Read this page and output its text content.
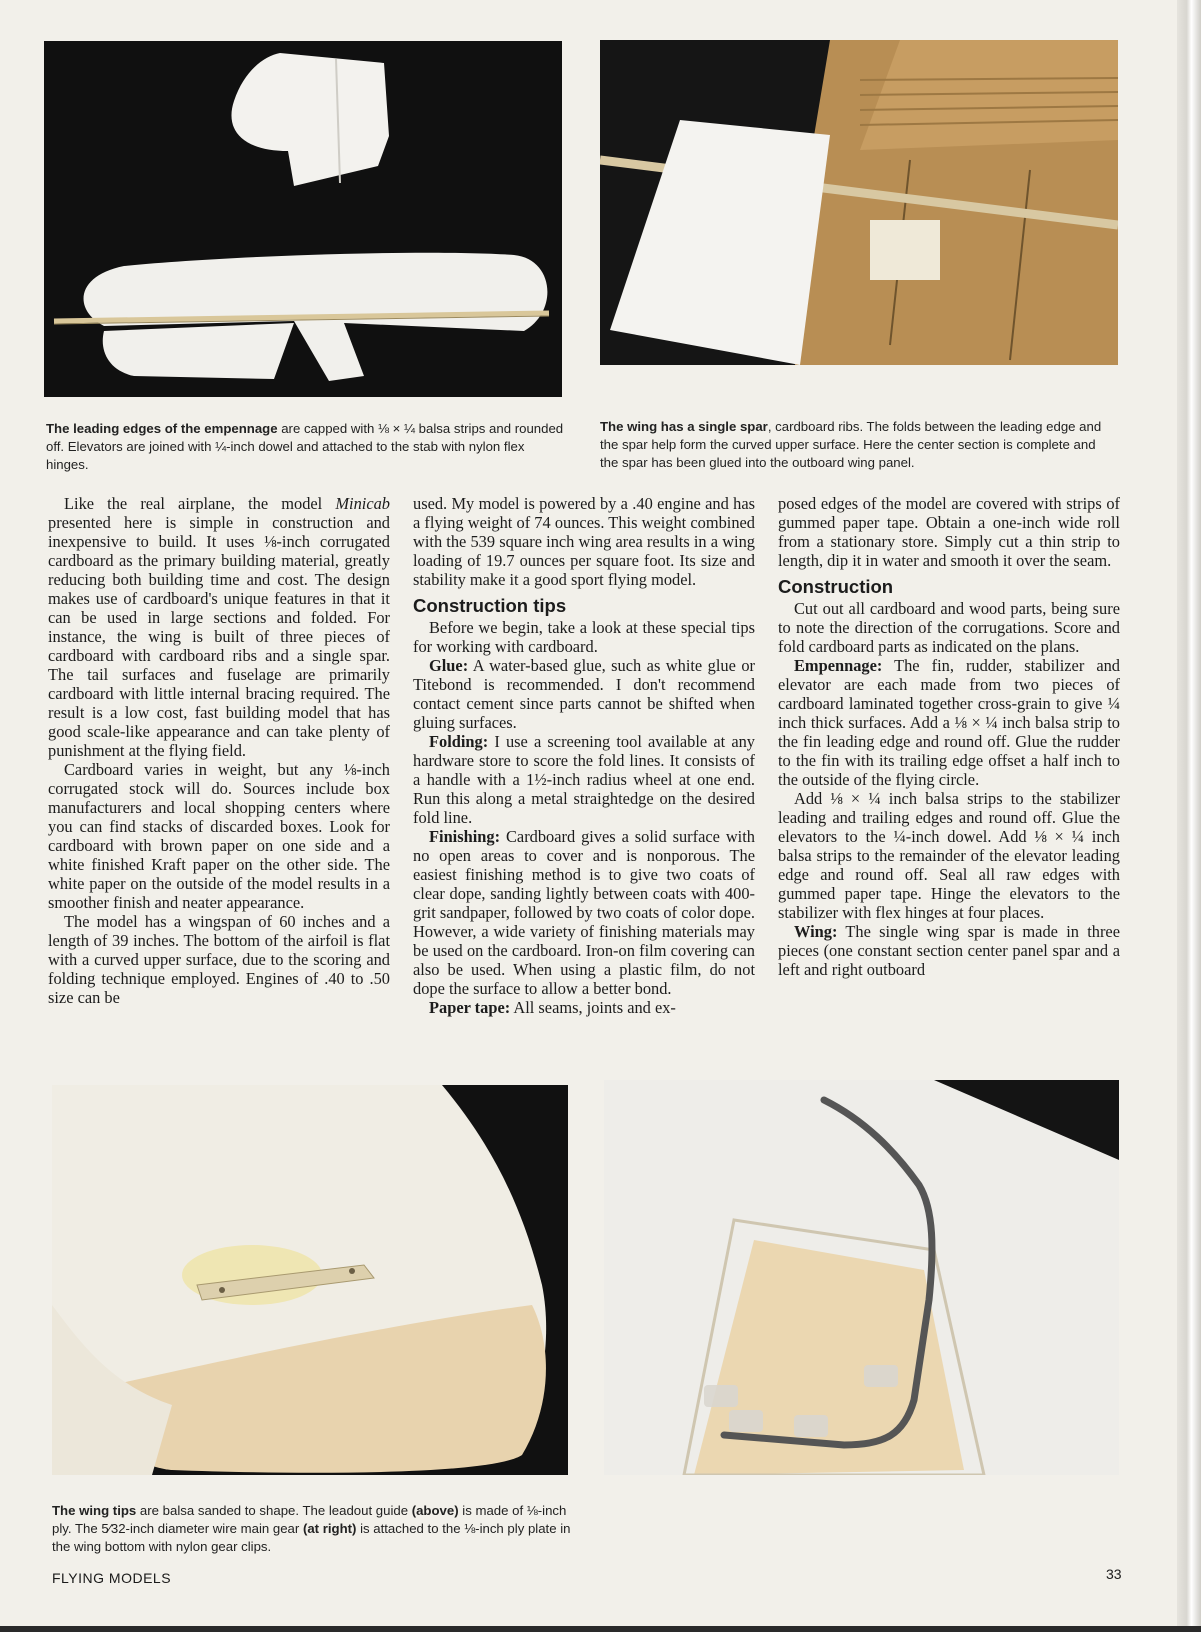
The leading edges of the empennage are capped with ⅛ × ¼ balsa strips and rounded off. Elevators are joined with ¼-inch dowel and attached to the stab with nylon flex hinges.
The wing has a single spar, cardboard ribs. The folds between the leading edge and the spar help form the curved upper surface. Here the center section is complete and the spar has been glued into the outboard wing panel.

Like the real airplane, the model Minicab presented here is simple in construction and inexpensive to build. It uses ⅛-inch corrugated cardboard as the primary building material, greatly reducing both building time and cost. The design makes use of cardboard's unique features in that it can be used in large sections and folded. For instance, the wing is built of three pieces of cardboard with cardboard ribs and a single spar. The tail surfaces and fuselage are primarily cardboard with little internal bracing required. The result is a low cost, fast building model that has good scale-like appearance and can take plenty of punishment at the flying field.

Cardboard varies in weight, but any ⅛-inch corrugated stock will do. Sources include box manufacturers and local shopping centers where you can find stacks of discarded boxes. Look for cardboard with brown paper on one side and a white finished Kraft paper on the other side. The white paper on the outside of the model results in a smoother finish and neater appearance.

The model has a wingspan of 60 inches and a length of 39 inches. The bottom of the airfoil is flat with a curved upper surface, due to the scoring and folding technique employed. Engines of .40 to .50 size can be

used. My model is powered by a .40 engine and has a flying weight of 74 ounces. This weight combined with the 539 square inch wing area results in a wing loading of 19.7 ounces per square foot. Its size and stability make it a good sport flying model.

Construction tips

Before we begin, take a look at these special tips for working with cardboard.

Glue: A water-based glue, such as white glue or Titebond is recommended. I don't recommend contact cement since parts cannot be shifted when gluing surfaces.

Folding: I use a screening tool available at any hardware store to score the fold lines. It consists of a handle with a 1½-inch radius wheel at one end. Run this along a metal straightedge on the desired fold line.

Finishing: Cardboard gives a solid surface with no open areas to cover and is nonporous. The easiest finishing method is to give two coats of clear dope, sanding lightly between coats with 400-grit sandpaper, followed by two coats of color dope. However, a wide variety of finishing materials may be used on the cardboard. Iron-on film covering can also be used. When using a plastic film, do not dope the surface to allow a better bond.

Paper tape: All seams, joints and ex-

posed edges of the model are covered with strips of gummed paper tape. Obtain a one-inch wide roll from a stationary store. Simply cut a thin strip to length, dip it in water and smooth it over the seam.

Construction

Cut out all cardboard and wood parts, being sure to note the direction of the corrugations. Score and fold cardboard parts as indicated on the plans.

Empennage: The fin, rudder, stabilizer and elevator are each made from two pieces of cardboard laminated together cross-grain to give ¼ inch thick surfaces. Add a ⅛ × ¼ inch balsa strip to the fin leading edge and round off. Glue the rudder to the fin with its trailing edge offset a half inch to the outside of the flying circle.

Add ⅛ × ¼ inch balsa strips to the stabilizer leading and trailing edges and round off. Glue the elevators to the ¼-inch dowel. Add ⅛ × ¼ inch balsa strips to the remainder of the elevator leading edge and round off. Seal all raw edges with gummed paper tape. Hinge the elevators to the stabilizer with flex hinges at four places.

Wing: The single wing spar is made in three pieces (one constant section center panel spar and a left and right outboard

The wing tips are balsa sanded to shape. The leadout guide (above) is made of ⅛-inch ply. The 5⁄32-inch diameter wire main gear (at right) is attached to the ⅛-inch ply plate in the wing bottom with nylon gear clips.
FLYING MODELS	33
